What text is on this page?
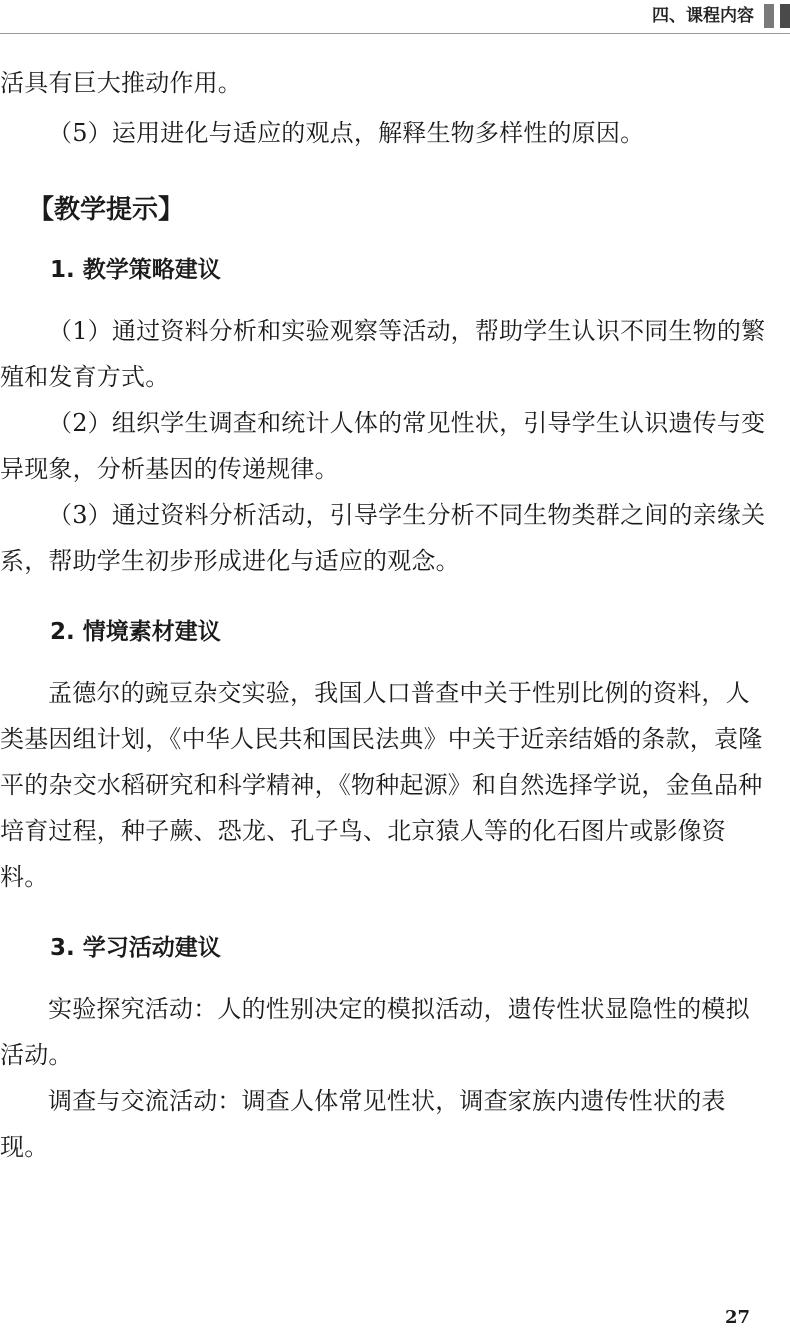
四、课程内容

活具有巨大推动作用。

（5）运用进化与适应的观点，解释生物多样性的原因。

【教学提示】
1. 教学策略建议

（1）通过资料分析和实验观察等活动，帮助学生认识不同生物的繁殖和发育方式。

（2）组织学生调查和统计人体的常见性状，引导学生认识遗传与变异现象，分析基因的传递规律。

（3）通过资料分析活动，引导学生分析不同生物类群之间的亲缘关系，帮助学生初步形成进化与适应的观念。

2. 情境素材建议

孟德尔的豌豆杂交实验，我国人口普查中关于性别比例的资料，人类基因组计划，《中华人民共和国民法典》中关于近亲结婚的条款，袁隆平的杂交水稻研究和科学精神，《物种起源》和自然选择学说，金鱼品种培育过程，种子蕨、恐龙、孔子鸟、北京猿人等的化石图片或影像资料。

3. 学习活动建议

实验探究活动：人的性别决定的模拟活动，遗传性状显隐性的模拟活动。

调查与交流活动：调查人体常见性状，调查家族内遗传性状的表现。

27
